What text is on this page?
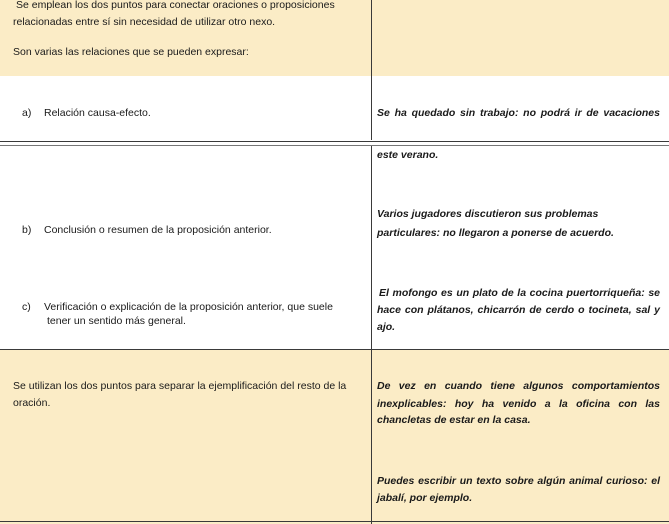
Se emplean los dos puntos para conectar oraciones o proposiciones
relacionadas entre sí sin necesidad de utilizar otro nexo.
Son varias las relaciones que se pueden expresar:
a) Relación causa-efecto.	Se ha quedado sin trabajo: no podrá ir de vacaciones
este verano.
b) Conclusión o resumen de la proposición anterior.
Varios jugadores discutieron sus problemas
particulares: no llegaron a ponerse de acuerdo.
c) Verificación o explicación de la proposición anterior, que suele
tener un sentido más general.
El mofongo es un plato de la cocina puertorriqueña: se
hace con plátanos, chicarrón de cerdo o tocineta, sal y
ajo.
Se utilizan los dos puntos para separar la ejemplificación del resto de la
oración.
De vez en cuando tiene algunos comportamientos
inexplicables: hoy ha venido a la oficina con las
chancletas de estar en la casa.
Puedes escribir un texto sobre algún animal curioso: el
jabalí, por ejemplo.
